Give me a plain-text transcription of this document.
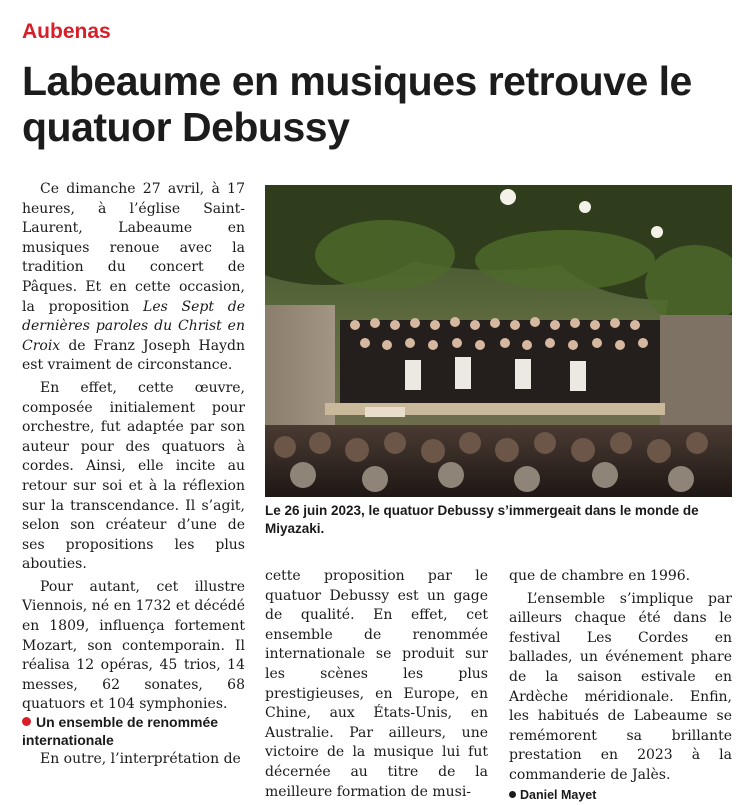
Aubenas
Labeaume en musiques retrouve le quatuor Debussy

Ce dimanche 27 avril, à 17 heures, à l’église Saint-Laurent, Labeaume en musiques renoue avec la tradition du concert de Pâques. Et en cette occasion, la proposition Les Sept de dernières paroles du Christ en Croix de Franz Joseph Haydn est vraiment de circonstance.

En effet, cette œuvre, composée initialement pour orchestre, fut adaptée par son auteur pour des quatuors à cordes. Ainsi, elle incite au retour sur soi et à la réflexion sur la transcendance. Il s’agit, selon son créateur d’une de ses propositions les plus abouties.

Pour autant, cet illustre Viennois, né en 1732 et décédé en 1809, influença fortement Mozart, son contemporain. Il réalisa 12 opéras, 45 trios, 14 messes, 62 sonates, 68 quatuors et 104 symphonies.

Un ensemble de renommée internationale

En outre, l’interprétation de

Le 26 juin 2023, le quatuor Debussy s’immergeait dans le monde de Miyazaki.

cette proposition par le quatuor Debussy est un gage de qualité. En effet, cet ensemble de renommée internationale se produit sur les scènes les plus prestigieuses, en Europe, en Chine, aux États-Unis, en Australie. Par ailleurs, une victoire de la musique lui fut décernée au titre de la meilleure formation de musi-

que de chambre en 1996.

L’ensemble s’implique par ailleurs chaque été dans le festival Les Cordes en ballades, un événement phare de la saison estivale en Ardèche méridionale. Enfin, les habitués de Labeaume se remémorent sa brillante prestation en 2023 à la commanderie de Jalès.

Daniel Mayet
